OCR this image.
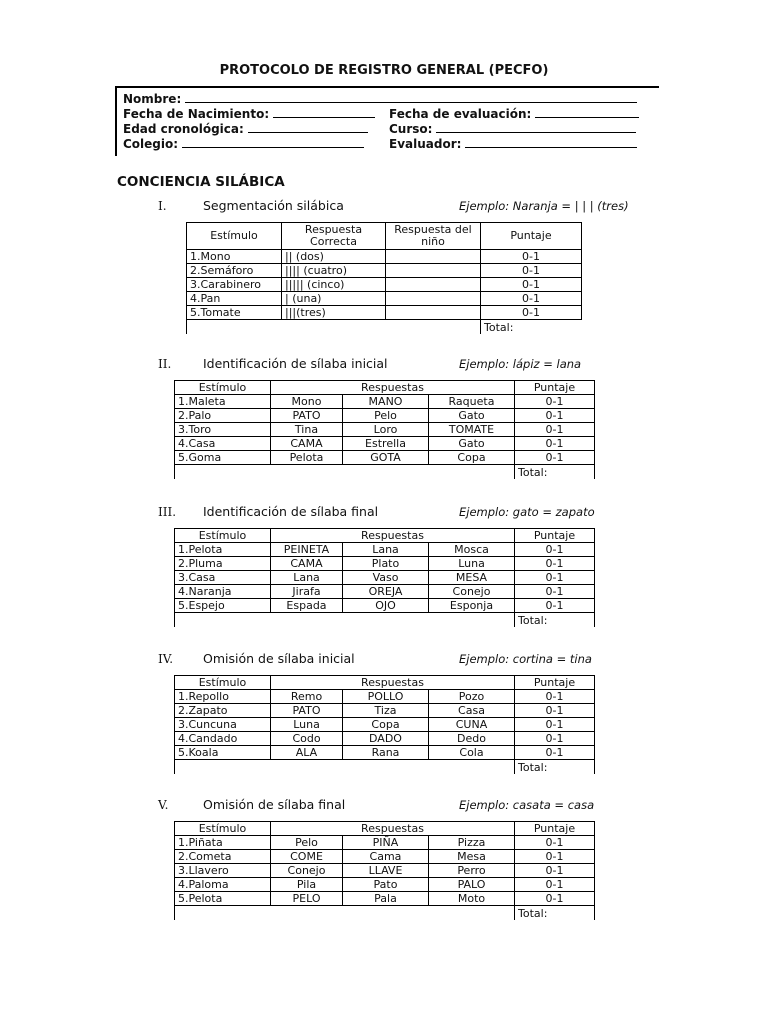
PROTOCOLO DE REGISTRO GENERAL (PECFO)
Nombre:
Fecha de Nacimiento:	Fecha de evaluación:
Edad cronológica:	Curso:
Colegio:	Evaluador:
CONCIENCIA SILÁBICA
I.	Segmentación silábica	Ejemplo: Naranja = | | | (tres)
Estímulo	Respuesta Correcta	Respuesta del niño	Puntaje
1.Mono	|| (dos)		0-1
2.Semáforo	|||| (cuatro)		0-1
3.Carabinero	||||| (cinco)		0-1
4.Pan	| (una)		0-1
5.Tomate	|||(tres)		0-1
			Total:
II.	Identificación de sílaba inicial	Ejemplo: lápiz = lana
Estímulo	Respuestas			Puntaje
1.Maleta	Mono	MANO	Raqueta	0-1
2.Palo	PATO	Pelo	Gato	0-1
3.Toro	Tina	Loro	TOMATE	0-1
4.Casa	CAMA	Estrella	Gato	0-1
5.Goma	Pelota	GOTA	Copa	0-1
				Total:
III. Identificación de sílaba final	Ejemplo: gato = zapato
Estímulo	Respuestas			Puntaje
1.Pelota	PEINETA	Lana	Mosca	0-1
2.Pluma	CAMA	Plato	Luna	0-1
3.Casa	Lana	Vaso	MESA	0-1
4.Naranja	Jirafa	OREJA	Conejo	0-1
5.Espejo	Espada	OJO	Esponja	0-1
				Total:
IV. Omisión de sílaba inicial	Ejemplo: cortina = tina
Estímulo	Respuestas			Puntaje
1.Repollo	Remo	POLLO	Pozo	0-1
2.Zapato	PATO	Tiza	Casa	0-1
3.Cuncuna	Luna	Copa	CUNA	0-1
4.Candado	Codo	DADO	Dedo	0-1
5.Koala	ALA	Rana	Cola	0-1
				Total:
V.	Omisión de sílaba final	Ejemplo: casata = casa
Estímulo	Respuestas			Puntaje
1.Piñata	Pelo	PIÑA	Pizza	0-1
2.Cometa	COME	Cama	Mesa	0-1
3.Llavero	Conejo	LLAVE	Perro	0-1
4.Paloma	Pila	Pato	PALO	0-1
5.Pelota	PELO	Pala	Moto	0-1
				Total:
